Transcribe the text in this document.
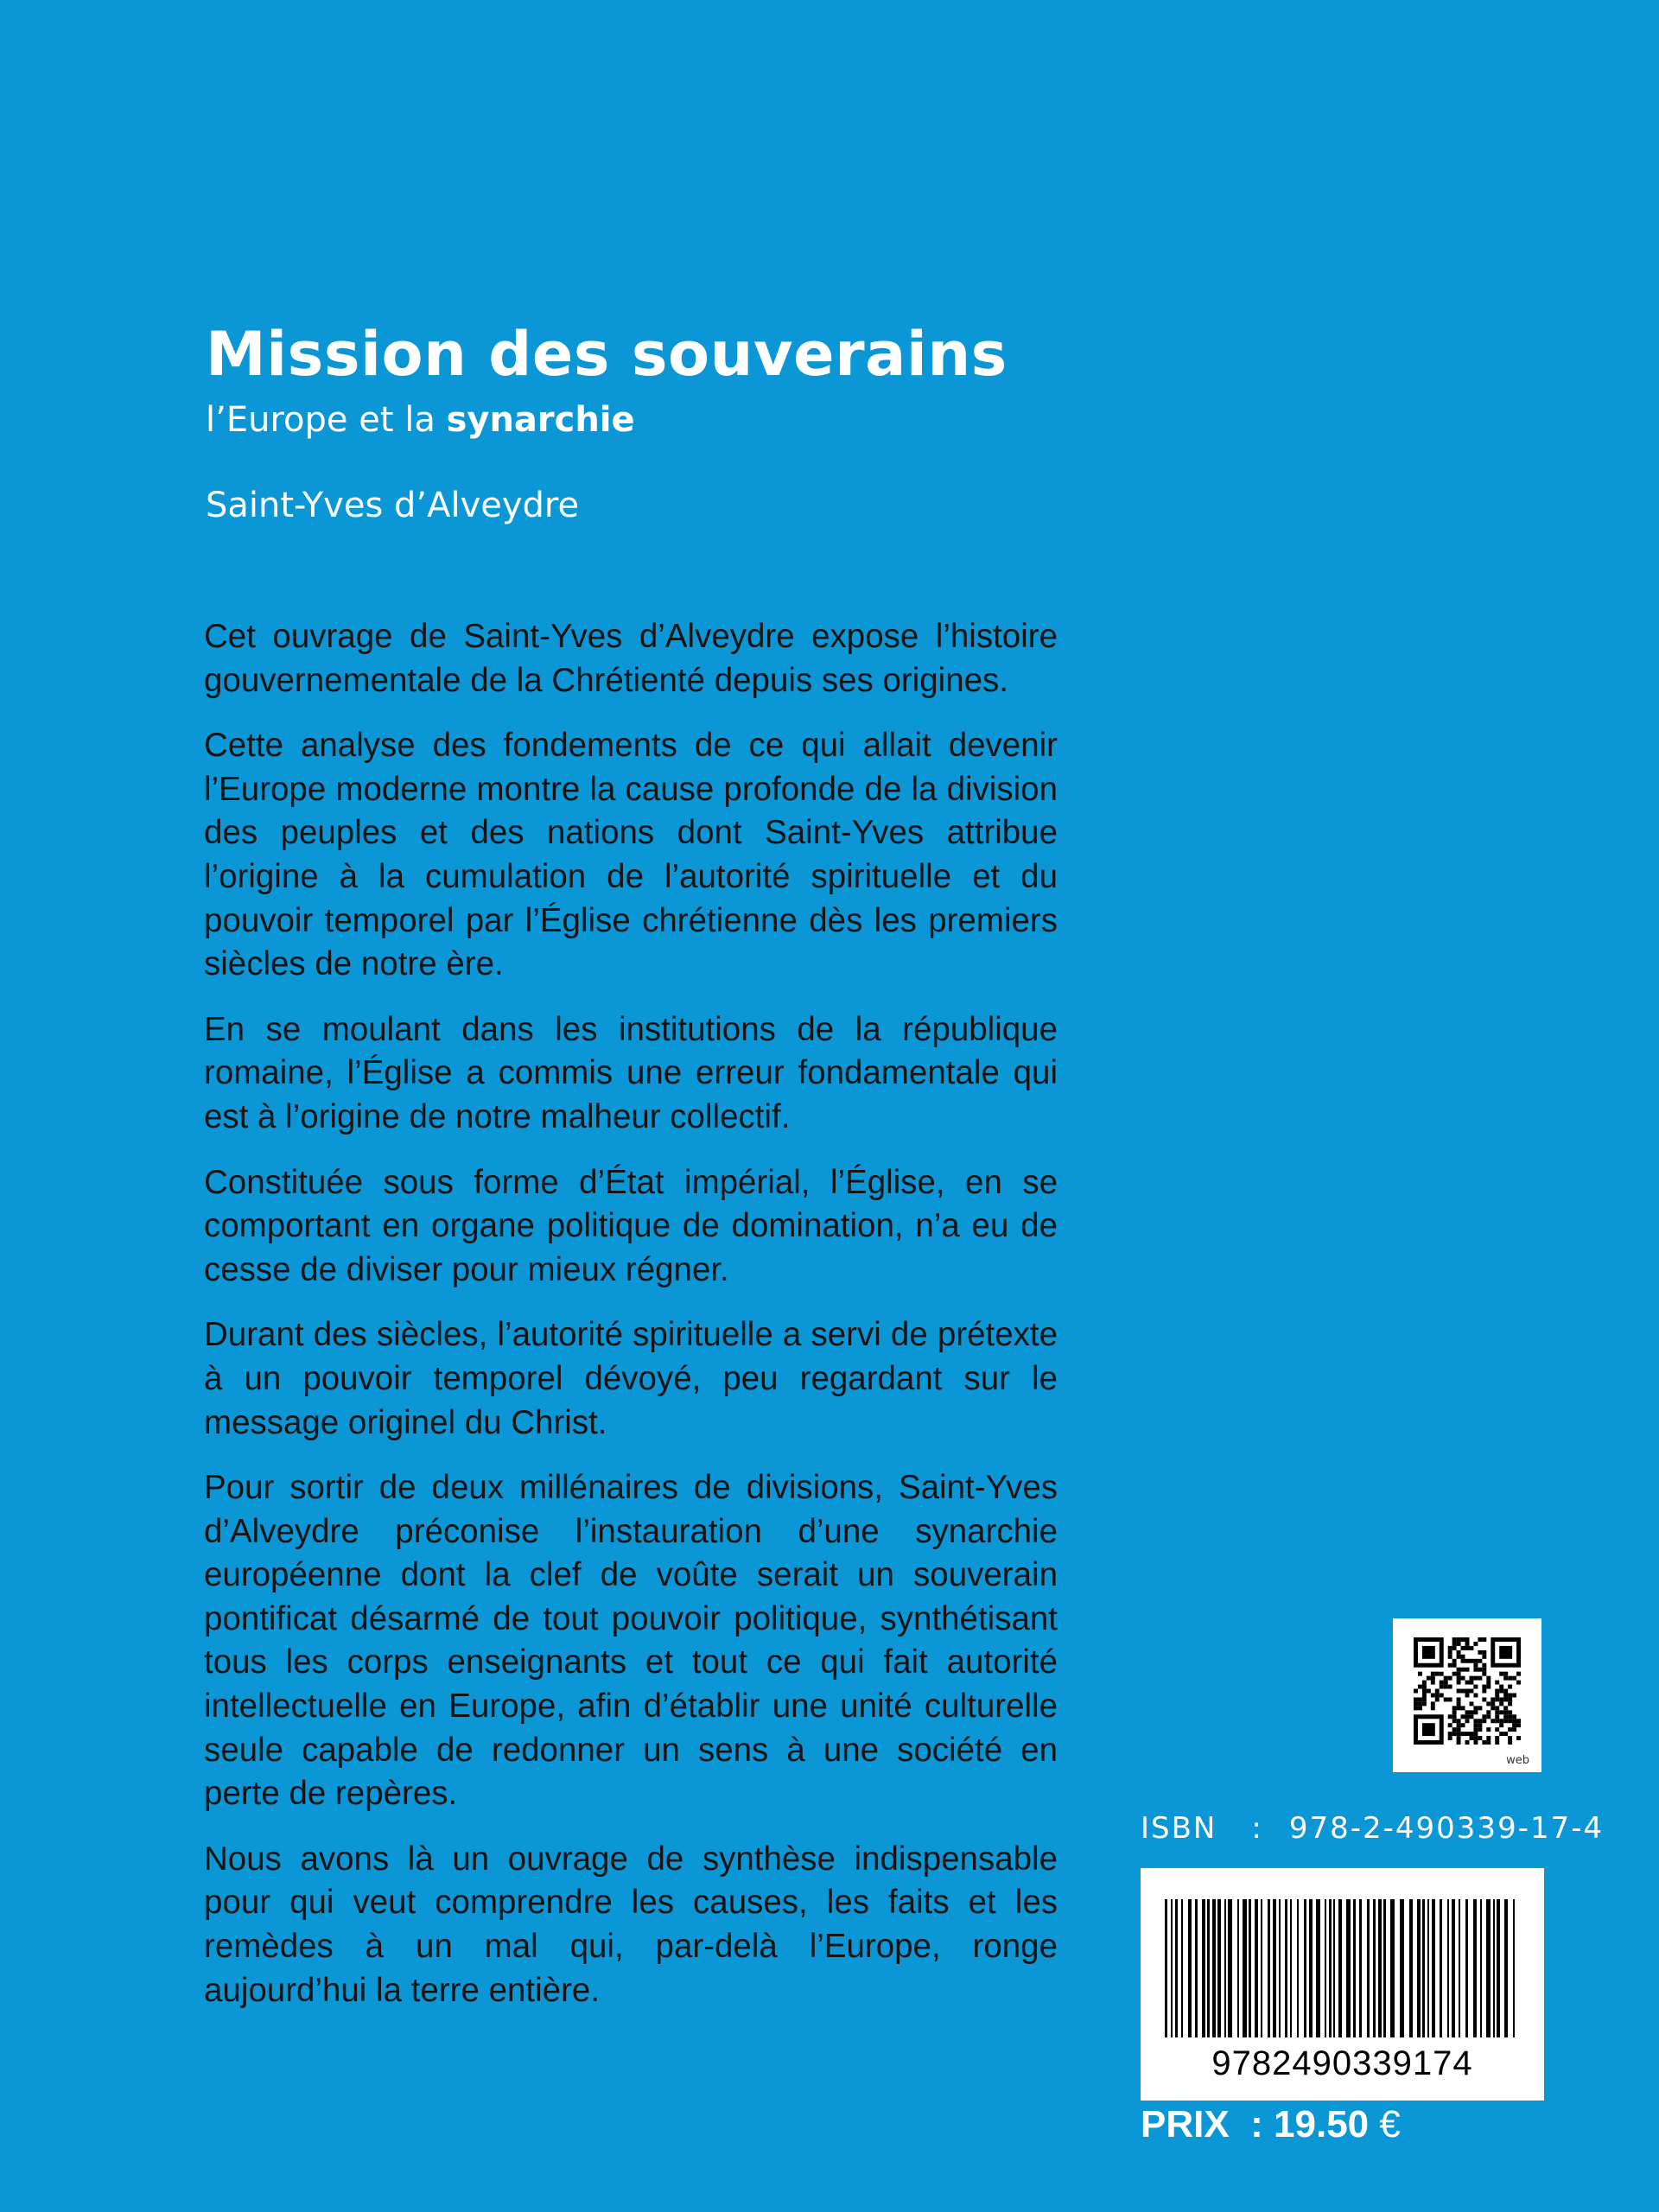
Mission des souverains
l’Europe et la synarchie
Saint-Yves d’Alveydre

Cet ouvrage de Saint-Yves d’Alveydre expose l’histoire gouvernementale de la Chrétienté depuis ses origines.

Cette analyse des fondements de ce qui allait devenir l’Europe moderne montre la cause profonde de la division des peuples et des nations dont Saint-Yves attribue l’origine à la cumulation de l’autorité spirituelle et du pouvoir temporel par l’Église chrétienne dès les premiers siècles de notre ère.

En se moulant dans les institutions de la république romaine, l’Église a commis une erreur fondamentale qui est à l’origine de notre malheur collectif.

Constituée sous forme d’État impérial, l’Église, en se comportant en organe politique de domination, n’a eu de cesse de diviser pour mieux régner.

Durant des siècles, l’autorité spirituelle a servi de prétexte à un pouvoir temporel dévoyé, peu regardant sur le message originel du Christ.

Pour sortir de deux millénaires de divisions, Saint-Yves d’Alveydre préconise l’instauration d’une synarchie européenne dont la clef de voûte serait un souverain pontificat désarmé de tout pouvoir politique, synthétisant tous les corps enseignants et tout ce qui fait autorité intellectuelle en Europe, afin d’établir une unité culturelle seule capable de redonner un sens à une société en perte de repères.

Nous avons là un ouvrage de synthèse indispensable pour qui veut comprendre les causes, les faits et les remèdes à un mal qui, par-delà l’Europe, ronge aujourd’hui la terre entière.

web
ISBN : 978-2-490339-17-4
9782490339174
PRIX : 19.50 €
